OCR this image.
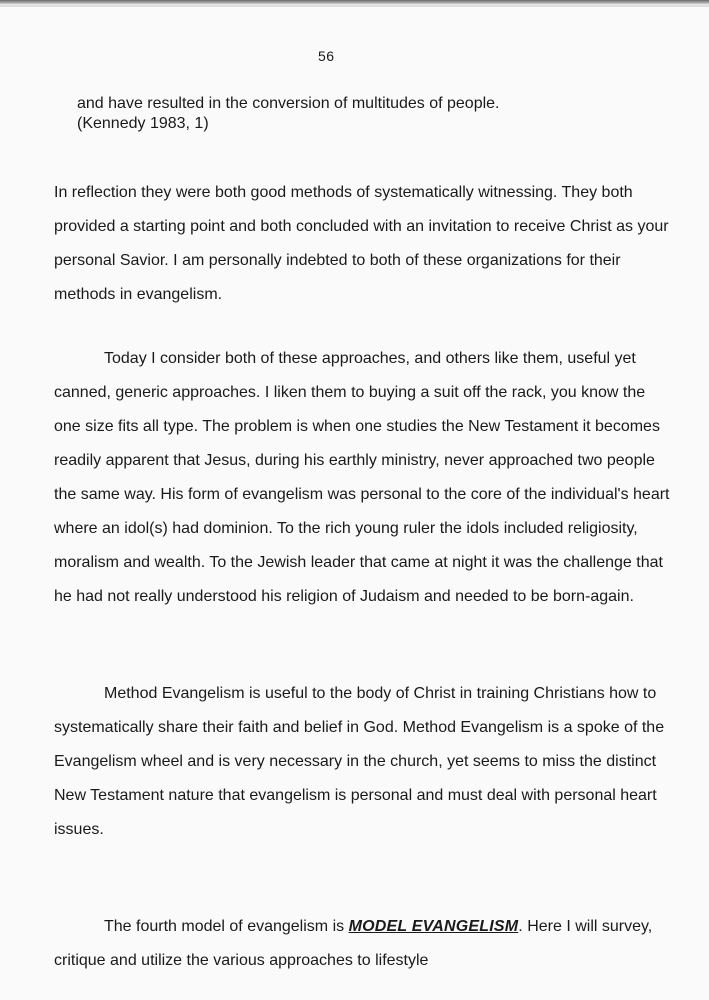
56
and have resulted in the conversion of multitudes of people.
(Kennedy 1983, 1)

In reflection they were both good methods of systematically witnessing. They both provided a starting point and both concluded with an invitation to receive Christ as your personal Savior. I am personally indebted to both of these organizations for their methods in evangelism.

Today I consider both of these approaches, and others like them, useful yet canned, generic approaches. I liken them to buying a suit off the rack, you know the one size fits all type. The problem is when one studies the New Testament it becomes readily apparent that Jesus, during his earthly ministry, never approached two people the same way. His form of evangelism was personal to the core of the individual's heart where an idol(s) had dominion. To the rich young ruler the idols included religiosity, moralism and wealth. To the Jewish leader that came at night it was the challenge that he had not really understood his religion of Judaism and needed to be born-again.

Method Evangelism is useful to the body of Christ in training Christians how to systematically share their faith and belief in God. Method Evangelism is a spoke of the Evangelism wheel and is very necessary in the church, yet seems to miss the distinct New Testament nature that evangelism is personal and must deal with personal heart issues.

The fourth model of evangelism is MODEL EVANGELISM. Here I will survey, critique and utilize the various approaches to lifestyle
